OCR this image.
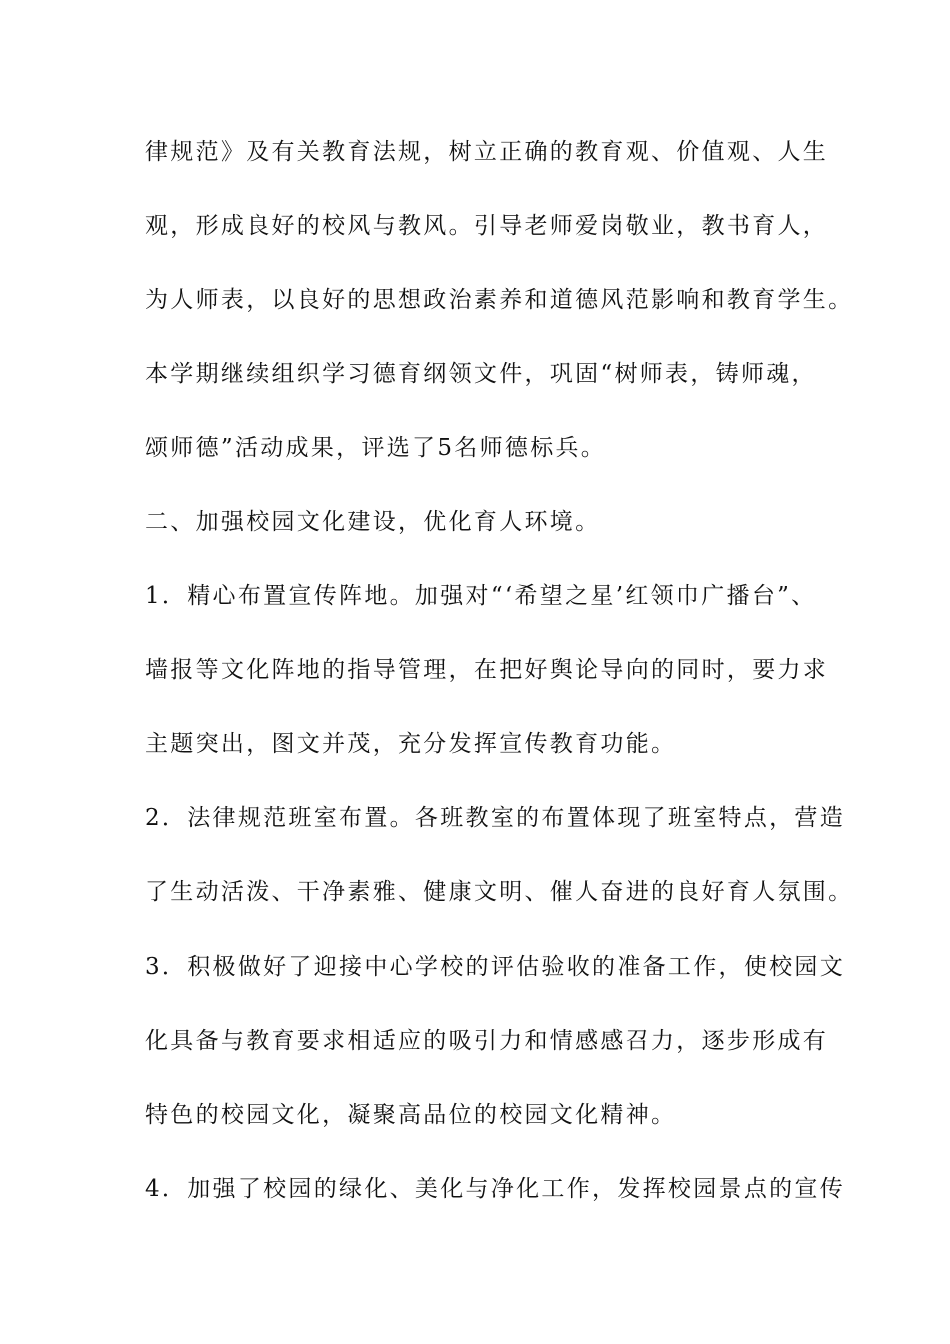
律规范》及有关教育法规，树立正确的教育观、价值观、人生
观，形成良好的校风与教风。引导老师爱岗敬业，教书育人，
为人师表，以良好的思想政治素养和道德风范影响和教育学生。
本学期继续组织学习德育纲领文件，巩固“树师表，铸师魂，
颂师德”活动成果，评选了5名师德标兵。
二、加强校园文化建设，优化育人环境。
1．精心布置宣传阵地。加强对“‘希望之星’红领巾广播台”、
墙报等文化阵地的指导管理，在把好舆论导向的同时，要力求
主题突出，图文并茂，充分发挥宣传教育功能。
2．法律规范班室布置。各班教室的布置体现了班室特点，营造
了生动活泼、干净素雅、健康文明、催人奋进的良好育人氛围。
3．积极做好了迎接中心学校的评估验收的准备工作，使校园文
化具备与教育要求相适应的吸引力和情感感召力，逐步形成有
特色的校园文化，凝聚高品位的校园文化精神。
4．加强了校园的绿化、美化与净化工作，发挥校园景点的宣传
